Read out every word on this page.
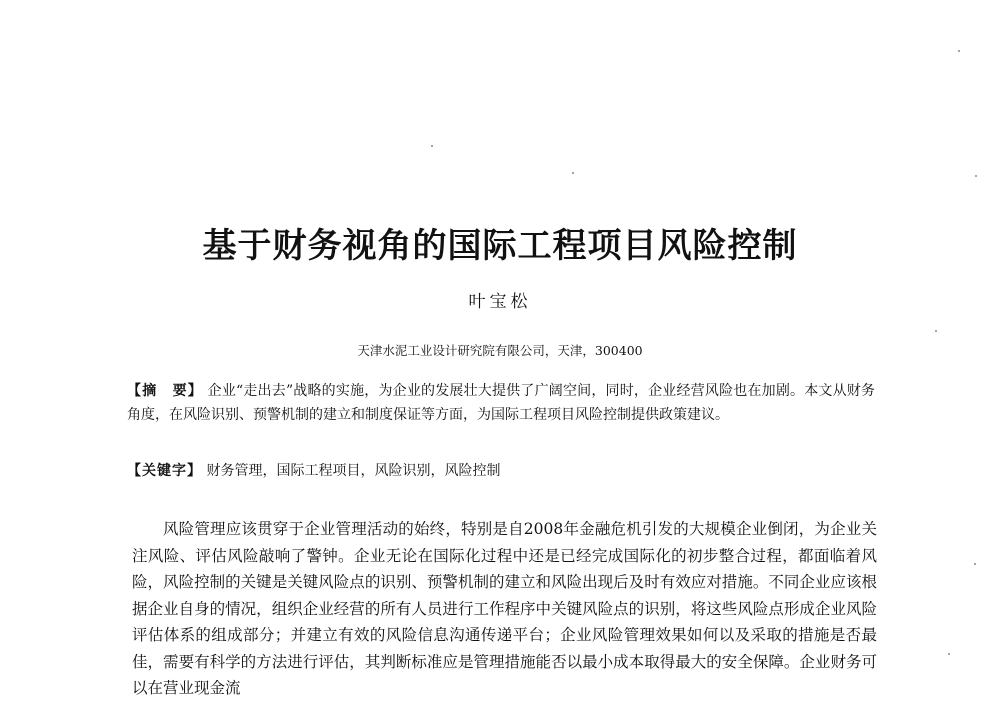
基于财务视角的国际工程项目风险控制
叶宝松
天津水泥工业设计研究院有限公司，天津，300400
【摘　要】 企业“走出去”战略的实施，为企业的发展壮大提供了广阔空间，同时，企业经营风险也在加剧。本文从财务角度，在风险识别、预警机制的建立和制度保证等方面，为国际工程项目风险控制提供政策建议。
【关键字】 财务管理，国际工程项目，风险识别，风险控制
风险管理应该贯穿于企业管理活动的始终，特别是自2008年金融危机引发的大规模企业倒闭，为企业关注风险、评估风险敲响了警钟。企业无论在国际化过程中还是已经完成国际化的初步整合过程，都面临着风险，风险控制的关键是关键风险点的识别、预警机制的建立和风险出现后及时有效应对措施。不同企业应该根据企业自身的情况，组织企业经营的所有人员进行工作程序中关键风险点的识别，将这些风险点形成企业风险评估体系的组成部分；并建立有效的风险信息沟通传递平台；企业风险管理效果如何以及采取的措施是否最佳，需要有科学的方法进行评估，其判断标准应是管理措施能否以最小成本取得最大的安全保障。企业财务可以在营业现金流
